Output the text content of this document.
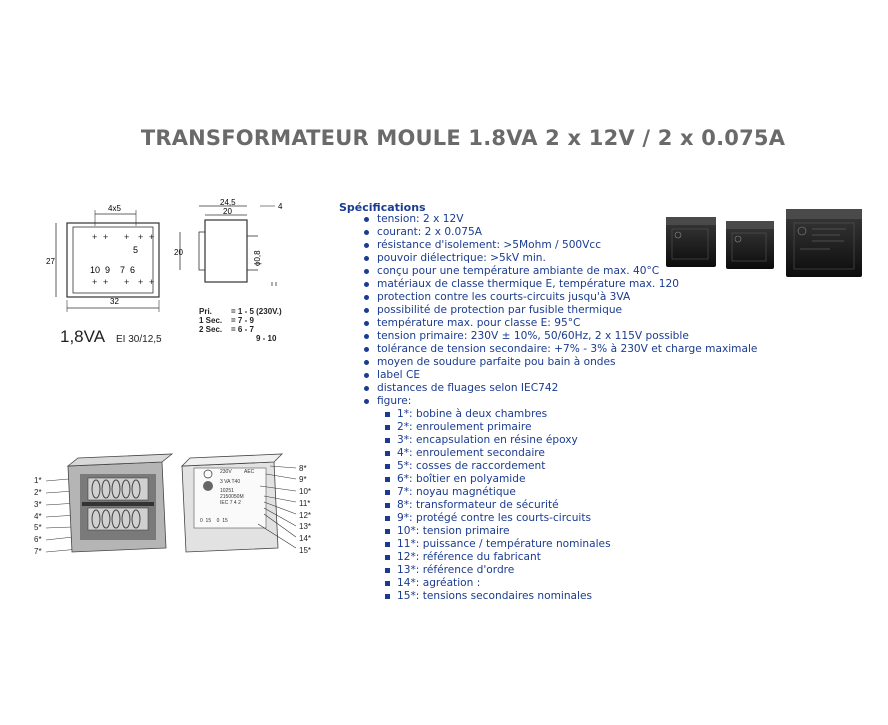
TRANSFORMATEUR MOULE 1.8VA 2 x 12V / 2 x 0.075A
+ + + + +
+ + + + +
5
10  9    7  6
4x5
27
32
24,5
20
4
20	ϕ0,8
1,8VA EI 30/12,5
Pri. = 1 - 5 (230V.)
1 Sec. = 7 - 9
2 Sec. = 6 - 7
9 - 10
Spécifications
tension: 2 x 12V
courant: 2 x 0.075A
résistance d'isolement: >5Mohm / 500Vcc
pouvoir diélectrique: >5kV min.
conçu pour une température ambiante de max. 40°C
matériaux de classe thermique E, température max. 120
protection contre les courts-circuits jusqu'à 3VA
possibilité de protection par fusible thermique
température max. pour classe E: 95°C
tension primaire: 230V ± 10%, 50/60Hz, 2 x 115V possible
tolérance de tension secondaire: +7% - 3% à 230V et charge maximale
moyen de soudure parfaite pou bain à ondes
label CE
distances de fluages selon IEC742
figure:
1*: bobine à deux chambres
2*: enroulement primaire
3*: encapsulation en résine époxy
4*: enroulement secondaire
5*: cosses de raccordement
6*: boîtier en polyamide
7*: noyau magnétique
8*: transformateur de sécurité
9*: protégé contre les courts-circuits
10*: tension primaire
11*: puissance / température nominales
12*: référence du fabricant
13*: référence d'ordre
14*: agréation :
15*: tensions secondaires nominales
1*
2*
3*
4*
5*
6*
7*
230V AEC
3 VA T40
10251
2150050M
IEC 7 4 2
0  15    0  15
8*
9*
10*
11*
12*
13*
14*
15*
